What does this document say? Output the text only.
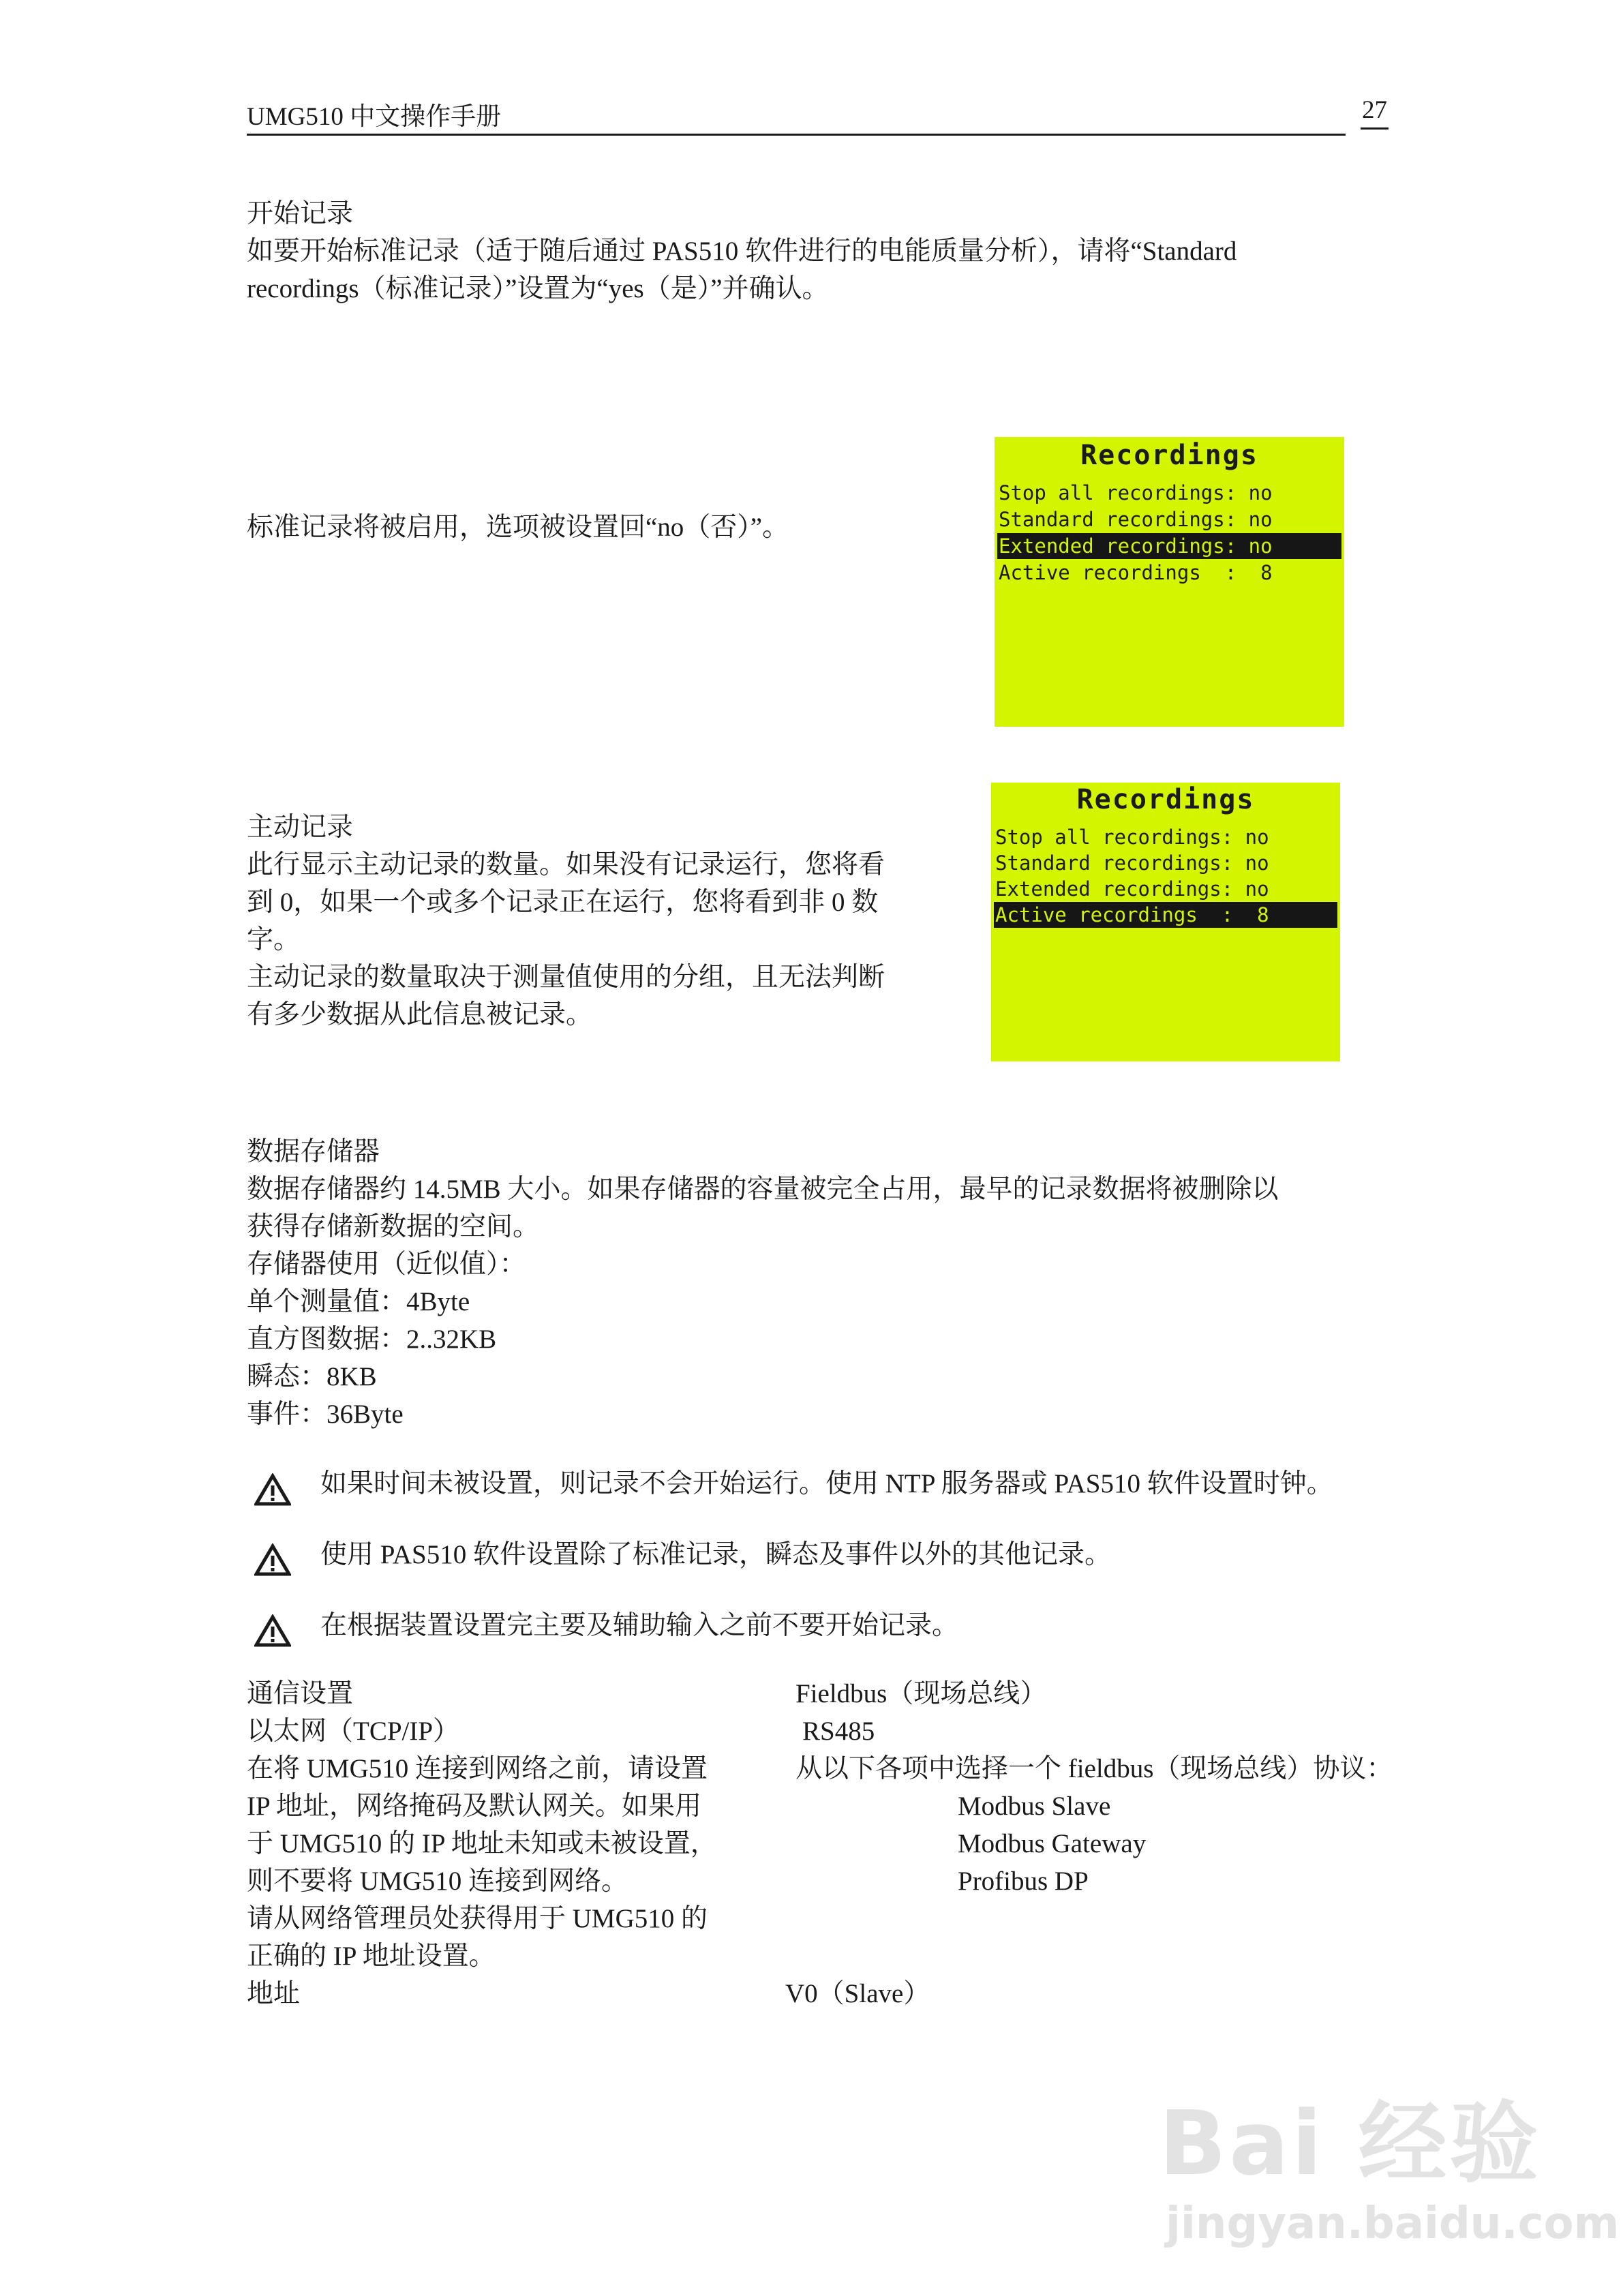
UMG510 中文操作手册	27
开始记录
如要开始标准记录（适于随后通过 PAS510 软件进行的电能质量分析），请将“Standard
recordings（标准记录）”设置为“yes（是）”并确认。
标准记录将被启用，选项被设置回“no（否）”。
Recordings
Stop all recordings: no
Standard recordings: no
Extended recordings: no
Active recordings  :  8
主动记录
此行显示主动记录的数量。如果没有记录运行，您将看
到 0，如果一个或多个记录正在运行，您将看到非 0 数
字。
主动记录的数量取决于测量值使用的分组，且无法判断
有多少数据从此信息被记录。
Recordings
Stop all recordings: no
Standard recordings: no
Extended recordings: no
Active recordings  :  8
数据存储器
数据存储器约 14.5MB 大小。如果存储器的容量被完全占用，最早的记录数据将被删除以
获得存储新数据的空间。
存储器使用（近似值）：
单个测量值：4Byte
直方图数据：2..32KB
瞬态：8KB
事件：36Byte
如果时间未被设置，则记录不会开始运行。使用 NTP 服务器或 PAS510 软件设置时钟。
使用 PAS510 软件设置除了标准记录，瞬态及事件以外的其他记录。
在根据装置设置完主要及辅助输入之前不要开始记录。
通信设置
以太网（TCP/IP）
在将 UMG510 连接到网络之前，请设置
IP 地址，网络掩码及默认网关。如果用
于 UMG510 的 IP 地址未知或未被设置，
则不要将 UMG510 连接到网络。
请从网络管理员处获得用于 UMG510 的
正确的 IP 地址设置。
地址
Fieldbus（现场总线）
RS485
从以下各项中选择一个 fieldbus（现场总线）协议：
Modbus Slave
Modbus Gateway
Profibus DP
V0（Slave）
Bai 经验
jingyan.baidu.com
